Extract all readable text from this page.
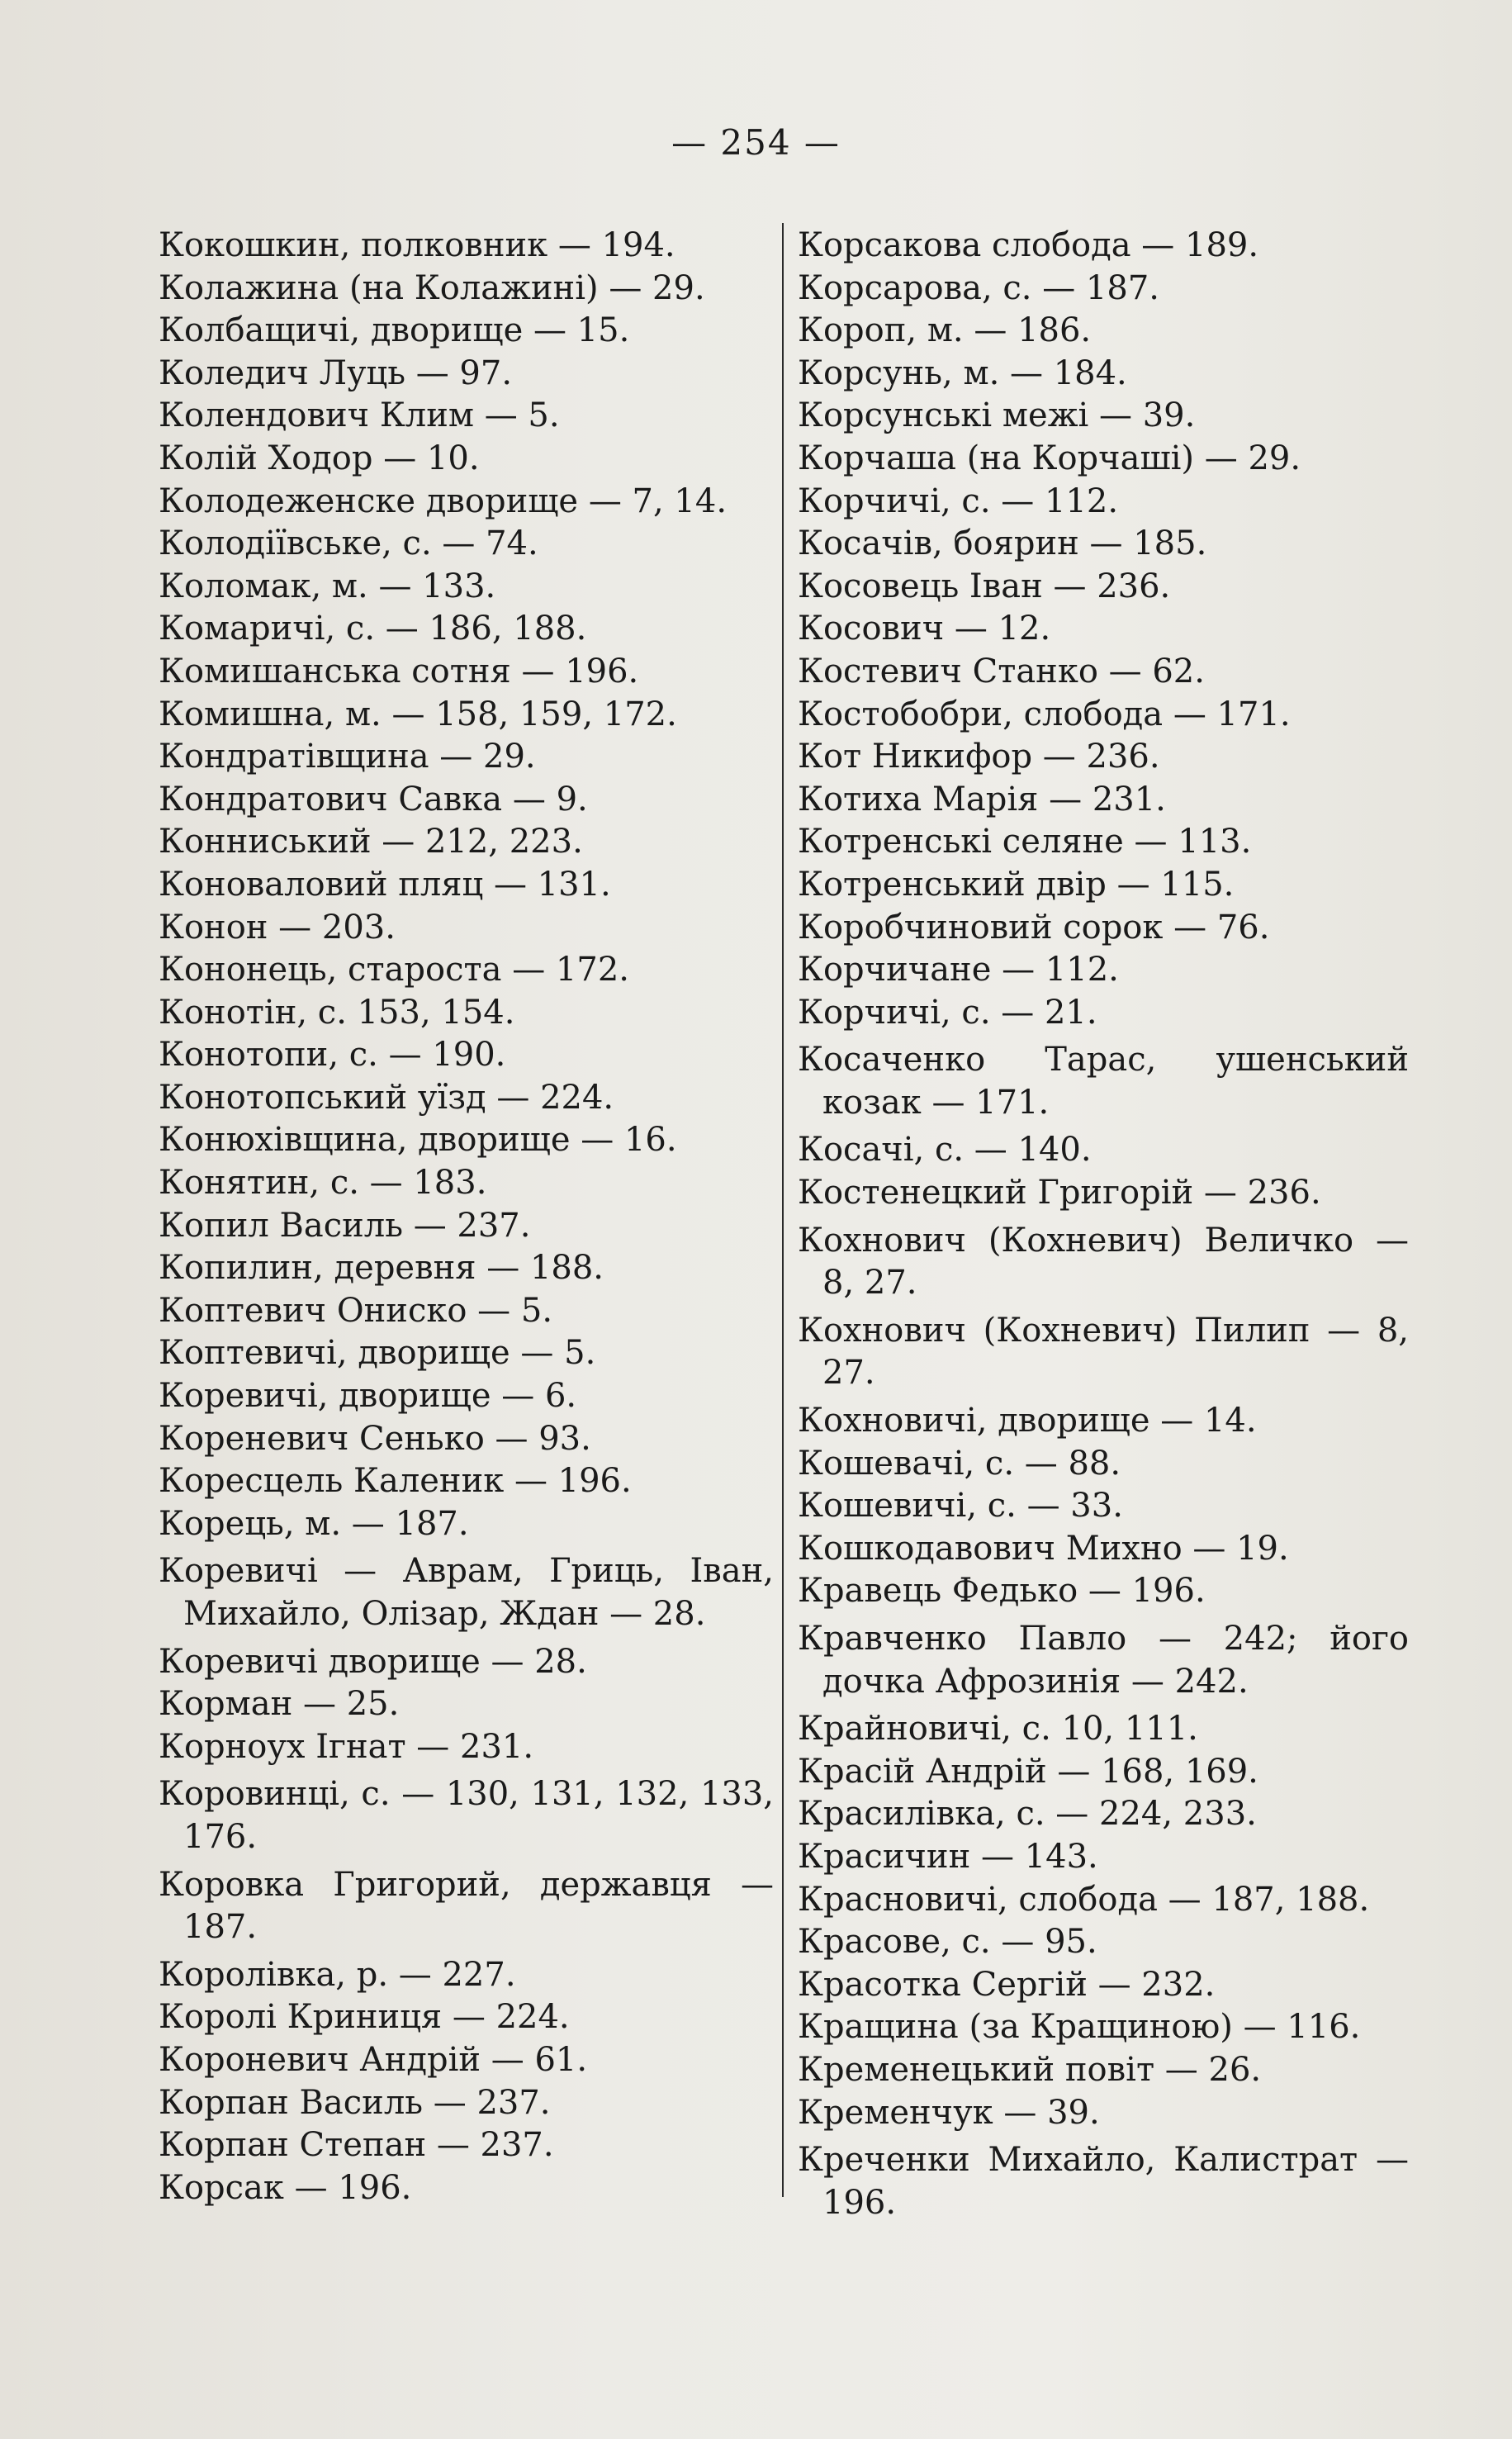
— 254 —
Кокошкин, полковник — 194.
Колажина (на Колажині) — 29.
Колбащичі, дворище — 15.
Коледич Луць — 97.
Колендович Клим — 5.
Колій Ходор — 10.
Колодеженске дворище — 7, 14.
Колодіївське, с. — 74.
Коломак, м. — 133.
Комаричі, с. — 186, 188.
Комишанська сотня — 196.
Комишна, м. — 158, 159, 172.
Кондратівщина — 29.
Кондратович Савка — 9.
Конниський — 212, 223.
Коноваловий пляц — 131.
Конон — 203.
Кононець, староста — 172.
Конотін, с. 153, 154.
Конотопи, с. — 190.
Конотопський уїзд — 224.
Конюхівщина, дворище — 16.
Конятин, с. — 183.
Копил Василь — 237.
Копилин, деревня — 188.
Коптевич Ониско — 5.
Коптевичі, дворище — 5.
Коревичі, дворище — 6.
Кореневич Сенько — 93.
Коресцель Каленик — 196.
Корець, м. — 187.
Коревичі — Аврам, Гриць, Іван, Михайло, Олізар, Ждан — 28.
Коревичі дворище — 28.
Корман — 25.
Корноух Ігнат — 231.
Коровинці, с. — 130, 131, 132, 133, 176.
Коровка Григорий, державця — 187.
Королівка, р. — 227.
Королі Криниця — 224.
Короневич Андрій — 61.
Корпан Василь — 237.
Корпан Степан — 237.
Корсак — 196.
Корсакова слобода — 189.
Корсарова, с. — 187.
Короп, м. — 186.
Корсунь, м. — 184.
Корсунські межі — 39.
Корчаша (на Корчаші) — 29.
Корчичі, с. — 112.
Косачів, боярин — 185.
Косовець Іван — 236.
Косович — 12.
Костевич Станко — 62.
Костобобри, слобода — 171.
Кот Никифор — 236.
Котиха Марія — 231.
Котренські селяне — 113.
Котренський двір — 115.
Коробчиновий сорок — 76.
Корчичане — 112.
Корчичі, с. — 21.
Косаченко Тарас, ушенський козак — 171.
Косачі, с. — 140.
Костенецкий Григорій — 236.
Кохнович (Кохневич) Величко — 8, 27.
Кохнович (Кохневич) Пилип — 8, 27.
Кохновичі, дворище — 14.
Кошевачі, с. — 88.
Кошевичі, с. — 33.
Кошкодавович Михно — 19.
Кравець Федько — 196.
Кравченко Павло — 242; його дочка Афрозинія — 242.
Крайновичі, с. 10, 111.
Красій Андрій — 168, 169.
Красилівка, с. — 224, 233.
Красичин — 143.
Красновичі, слобода — 187, 188.
Красове, с. — 95.
Красотка Сергій — 232.
Кращина (за Кращиною) — 116.
Кременецький повіт — 26.
Кременчук — 39.
Креченки Михайло, Калистрат — 196.
